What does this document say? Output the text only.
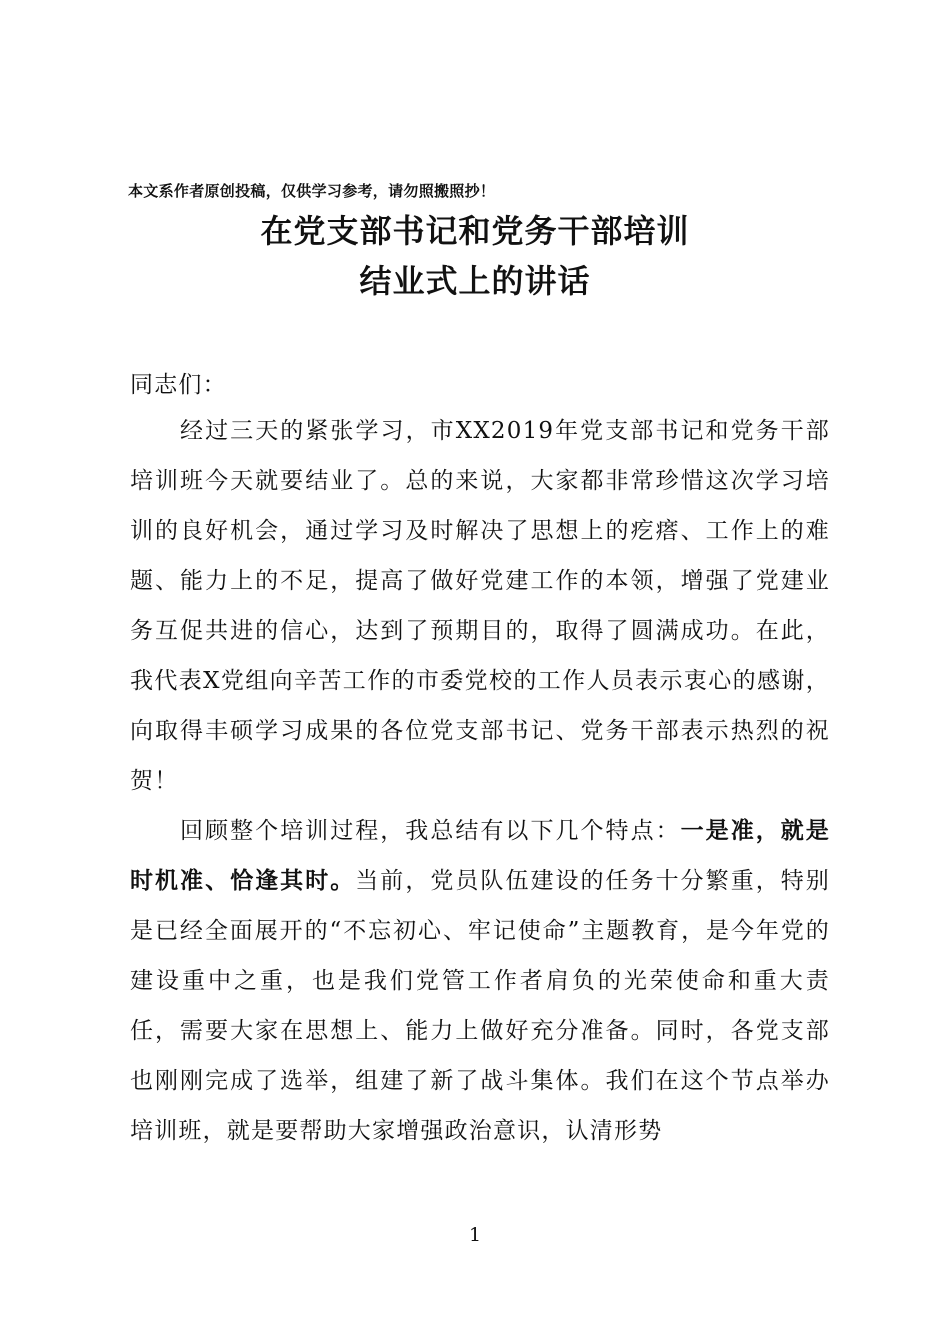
本文系作者原创投稿，仅供学习参考，请勿照搬照抄！
在党支部书记和党务干部培训
结业式上的讲话
同志们：
经过三天的紧张学习，市XX2019年党支部书记和党务干部培训班今天就要结业了。总的来说，大家都非常珍惜这次学习培训的良好机会，通过学习及时解决了思想上的疙瘩、工作上的难题、能力上的不足，提高了做好党建工作的本领，增强了党建业务互促共进的信心，达到了预期目的，取得了圆满成功。在此，我代表X党组向辛苦工作的市委党校的工作人员表示衷心的感谢，向取得丰硕学习成果的各位党支部书记、党务干部表示热烈的祝贺！
回顾整个培训过程，我总结有以下几个特点：一是准，就是时机准、恰逢其时。当前，党员队伍建设的任务十分繁重，特别是已经全面展开的“不忘初心、牢记使命”主题教育，是今年党的建设重中之重，也是我们党管工作者肩负的光荣使命和重大责任，需要大家在思想上、能力上做好充分准备。同时，各党支部也刚刚完成了选举，组建了新了战斗集体。我们在这个节点举办培训班，就是要帮助大家增强政治意识，认清形势
1
